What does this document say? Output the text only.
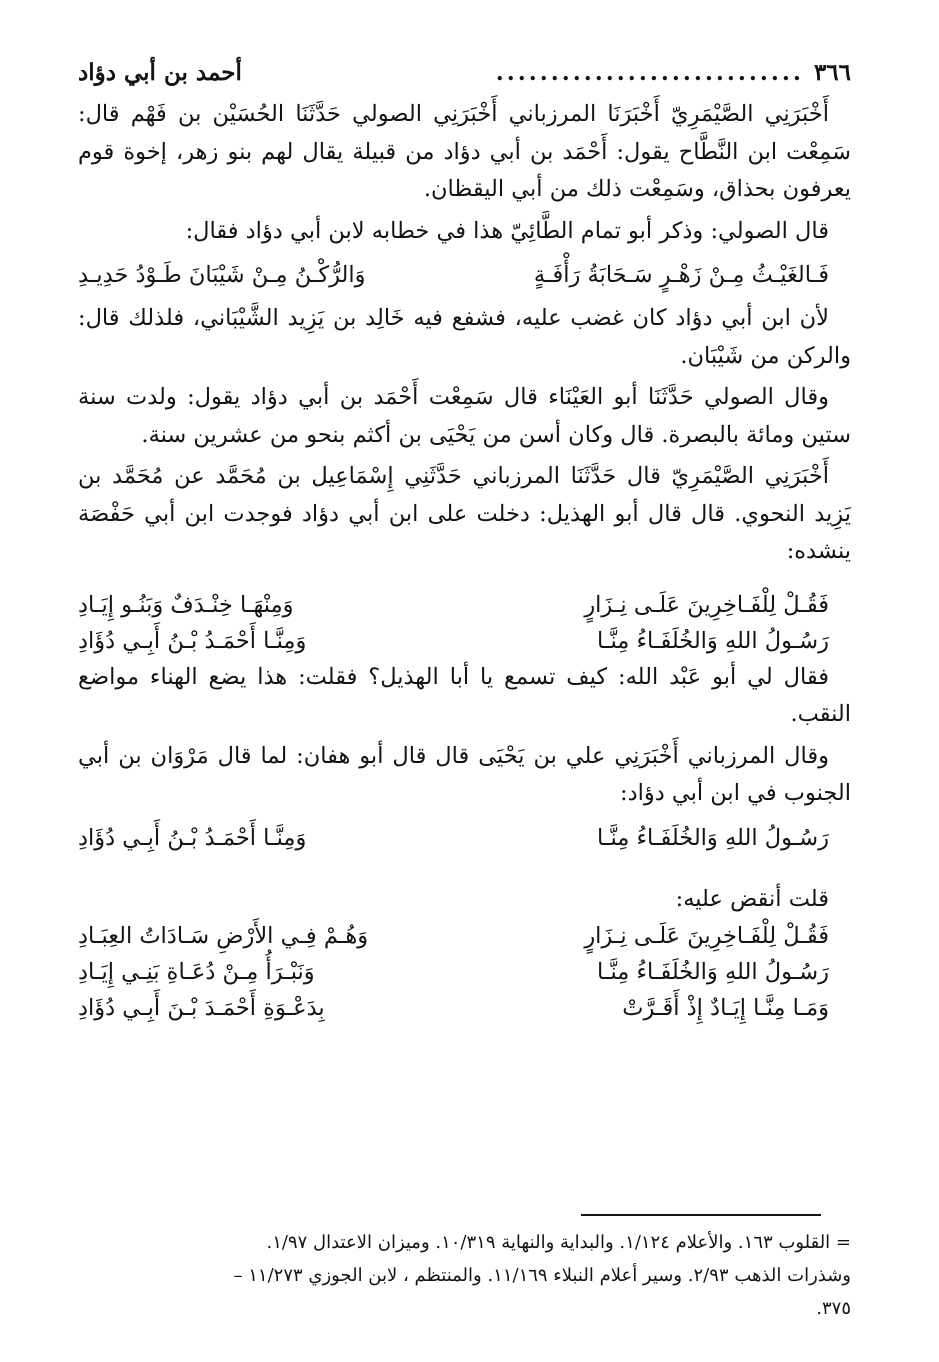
٣٦٦
............................
أحمد بن أبي دؤاد

أَخْبَرَنِي الصَّيْمَرِيّ أَخْبَرَنَا المرزباني أَخْبَرَنِي الصولي حَدَّثَنَا الحُسَيْن بن فَهْم قال: سَمِعْت ابن النَّطَّاح يقول: أَحْمَد بن أبي دؤاد من قبيلة يقال لهم بنو زهر، إخوة قوم يعرفون بحذاق، وسَمِعْت ذلك من أبي اليقظان.

قال الصولي: وذكر أبو تمام الطَّائِيّ هذا في خطابه لابن أبي دؤاد فقال:

فَـالغَيْـثُ مِـنْ زَهْـرٍ سَـحَابَةُ رَأْفَـةٍ
وَالرُّكْـنُ مِـنْ شَيْبَانَ طَـوْدُ حَدِيـدِ

لأن ابن أبي دؤاد كان غضب عليه، فشفع فيه خَالِد بن يَزِيد الشَّيْبَاني، فلذلك قال: والركن من شَيْبَان.

وقال الصولي حَدَّثَنَا أبو العَيْنَاء قال سَمِعْت أَحْمَد بن أبي دؤاد يقول: ولدت سنة ستين ومائة بالبصرة. قال وكان أسن من يَحْيَى بن أكثم بنحو من عشرين سنة.

أَخْبَرَنِي الصَّيْمَرِيّ قال حَدَّثَنَا المرزباني حَدَّثَنِي إِسْمَاعِيل بن مُحَمَّد عن مُحَمَّد بن يَزِيد النحوي. قال قال أبو الهذيل: دخلت على ابن أبي دؤاد فوجدت ابن أبي حَفْصَة ينشده:

فَقُـلْ لِلْفَـاخِرِينَ عَلَـى نِـزَارٍ
وَمِنْهَـا خِنْـدَفٌ وَبَنُـو إِيَـادِ
رَسُـولُ اللهِ وَالخُلَفَـاءُ مِنَّـا
وَمِنَّـا أَحْمَـدُ بْـنُ أَبِـي دُؤَادِ

فقال لي أبو عَبْد الله: كيف تسمع يا أبا الهذيل؟ فقلت: هذا يضع الهناء مواضع النقب.

وقال المرزباني أَخْبَرَنِي علي بن يَحْيَى قال قال أبو هفان: لما قال مَرْوَان بن أبي الجنوب في ابن أبي دؤاد:

رَسُـولُ اللهِ وَالخُلَفَـاءُ مِنَّـا
وَمِنَّـا أَحْمَـدُ بْـنُ أَبِـي دُؤَادِ

قلت أنقض عليه:

فَقُـلْ لِلْفَـاخِرِينَ عَلَـى نِـزَارٍ
وَهُـمْ فِـي الأَرْضِ سَـادَاتُ العِبَـادِ
رَسُـولُ اللهِ وَالخُلَفَـاءُ مِنَّـا
وَنَبْـرَأُ مِـنْ دُعَـاةِ بَنِـي إِيَـادِ
وَمَـا مِنَّـا إِيَـادٌ إِذْ أَقَـرَّتْ
بِدَعْـوَةِ أَحْمَـدَ بْـنَ أَبِـي دُؤَادِ

= القلوب ١٦٣. والأعلام ١/١٢٤. والبداية والنهاية ١٠/٣١٩. وميزان الاعتدال ١/٩٧.

وشذرات الذهب ٢/٩٣. وسير أعلام النبلاء ١١/١٦٩. والمنتظم ، لابن الجوزي ١١/٢٧٣ –

٣٧٥.
